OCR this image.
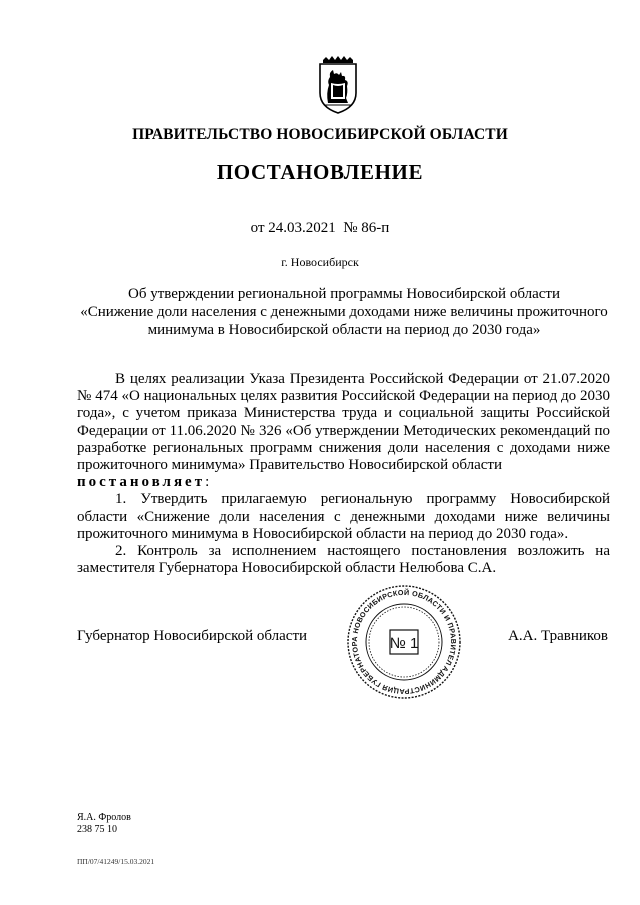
ПРАВИТЕЛЬСТВО НОВОСИБИРСКОЙ ОБЛАСТИ
ПОСТАНОВЛЕНИЕ
от 24.03.2021 № 86-п
г. Новосибирск
Об утверждении региональной программы Новосибирской области
«Снижение доли населения с денежными доходами ниже величины прожиточного
минимума в Новосибирской области на период до 2030 года»

В целях реализации Указа Президента Российской Федерации от 21.07.2020 № 474 «О национальных целях развития Российской Федерации на период до 2030 года», с учетом приказа Министерства труда и социальной защиты Российской Федерации от 11.06.2020 № 326 «Об утверждении Методических рекомендаций по разработке региональных программ снижения доли населения с доходами ниже прожиточного минимума» Правительство Новосибирской области

постановляет:

1. Утвердить прилагаемую региональную программу Новосибирской области «Снижение доли населения с денежными доходами ниже величины прожиточного минимума в Новосибирской области на период до 2030 года».

2. Контроль за исполнением настоящего постановления возложить на заместителя Губернатора Новосибирской области Нелюбова С.А.

Губернатор Новосибирской области	А.А. Травников
АДМИНИСТРАЦИЯ ГУБЕРНАТОРА НОВОСИБИРСКОЙ ОБЛАСТИ И ПРАВИТЕЛЬСТВА
№ 1
Я.А. Фролов
238 75 10
ПП/07/41249/15.03.2021
